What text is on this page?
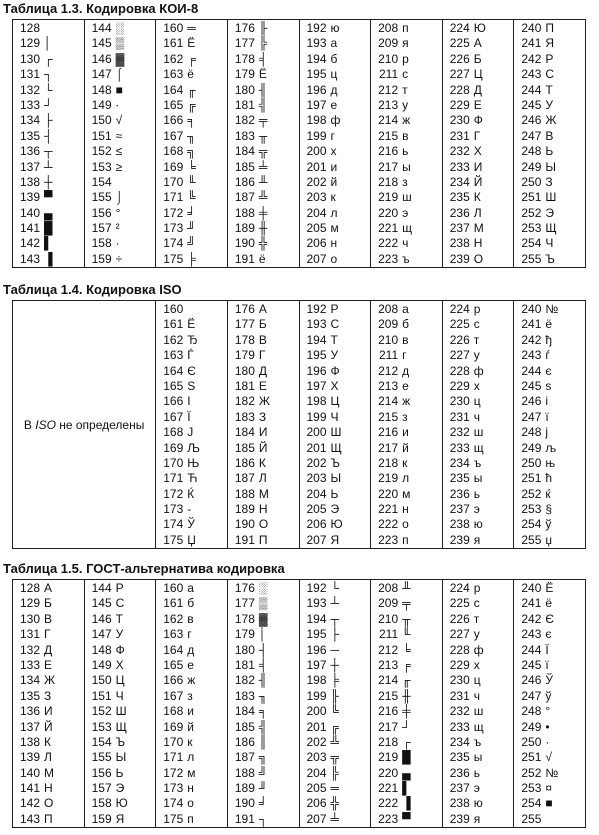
Таблица 1.3. Кодировка КОИ-8
128
129 │
130 ┌
131 ┐
132 └
133 ┘
134 ├
135 ┤
136 ┬
137 ┴
138 ┼
139 ▀
140 ▄
141 █
142 ▌
143 ▐

144 ░
145 ▒
146 ▓
147 ⌠
148 ■
149 ∙
150 √
151 ≈
152 ≤
153 ≥
154
155 ⌡
156 °
157 ²
158 ·
159 ÷

160 ═
161 Ё
162 ╒
163 ё
164 ╓
165 ╔
166 ╕
167 ╖
168 ╗
169 ╘
170 ╙
171 ╚
172 ╛
173 ╜
174 ╝
175 ╞

176 ╟
177 ╠
178 ╡
179 Ё
180 ╢
181 ╣
182 ╤
183 ╥
184 ╦
185 ╧
186 ╨
187 ╩
188 ╪
189 ╫
190 ╬
191 ё

192 ю
193 а
194 б
195 ц
196 д
197 е
198 ф
199 г
200 х
201 и
202 й
203 к
204 л
205 м
206 н
207 о

208 п
209 я
210 р
211 с
212 т
213 у
214 ж
215 в
216 ь
217 ы
218 з
219 ш
220 э
221 щ
222 ч
223 ъ

224 Ю
225 А
226 Б
227 Ц
228 Д
229 Е
230 Ф
231 Г
232 Х
233 И
234 Й
235 К
236 Л
237 М
238 Н
239 О

240 П
241 Я
242 Р
243 С
244 Т
245 У
246 Ж
247 В
248 Ь
249 Ы
250 З
251 Ш
252 Э
253 Щ
254 Ч
255 Ъ
Таблица 1.4. Кодировка ISO
В ISO не определены	
160
161 Ё
162 Ђ
163 Ѓ
164 Є
165 S
166 І
167 Ї
168 J
169 Љ
170 Њ
171 Ћ
172 Ќ
173 -
174 Ў
175 Џ

176 А
177 Б
178 В
179 Г
180 Д
181 Е
182 Ж
183 З
184 И
185 Й
186 К
187 Л
188 М
189 Н
190 О
191 П

192 Р
193 С
194 Т
195 У
196 Ф
197 Х
198 Ц
199 Ч
200 Ш
201 Щ
202 Ъ
203 Ы
204 Ь
205 Э
206 Ю
207 Я

208 а
209 б
210 в
211 г
212 д
213 е
214 ж
215 з
216 и
217 й
218 к
219 л
220 м
221 н
222 о
223 п

224 р
225 с
226 т
227 у
228 ф
229 х
230 ц
231 ч
232 ш
233 щ
234 ъ
235 ы
236 ь
237 э
238 ю
239 я

240 №
241 ё
242 ђ
243 ѓ
244 є
245 s
246 і
247 ї
248 j
249 љ
250 њ
251 ћ
252 ќ
253 §
254 ў
255 џ
Таблица 1.5. ГОСТ-альтернатива кодировка
128 А
129 Б
130 В
131 Г
132 Д
133 Е
134 Ж
135 З
136 И
137 Й
138 К
139 Л
140 М
141 Н
142 О
143 П

144 Р
145 С
146 Т
147 У
148 Ф
149 Х
150 Ц
151 Ч
152 Ш
153 Щ
154 Ъ
155 Ы
156 Ь
157 Э
158 Ю
159 Я

160 а
161 б
162 в
163 г
164 д
165 е
166 ж
167 з
168 и
169 й
170 к
171 л
172 м
173 н
174 о
175 п

176 ░
177 ▒
178 ▓
179 │
180 ┤
181 ╡
182 ╢
183 ╖
184 ╕
185 ╣
186 ║
187 ╗
188 ╝
189 ╜
190 ╛
191 ┐

192 └
193 ┴
194 ┬
195 ├
196 ─
197 ┼
198 ╞
199 ╟
200 ╚
201 ╔
202 ╩
203 ╦
204 ╠
205 ═
206 ╬
207 ╧

208 ╨
209 ╤
210 ╥
211 ╙
212 ╘
213 ╒
214 ╓
215 ╫
216 ╪
217 ┘
218 ┌
219 █
220 ▄
221 ▌
222 ▐
223 ▀

224 р
225 с
226 т
227 у
228 ф
229 х
230 ц
231 ч
232 ш
233 щ
234 ъ
235 ы
236 ь
237 э
238 ю
239 я

240 Ё
241 ё
242 Є
243 є
244 Ї
245 ї
246 Ў
247 ў
248 °
249 •
250 ·
251 √
252 №
253 ¤
254 ■
255
